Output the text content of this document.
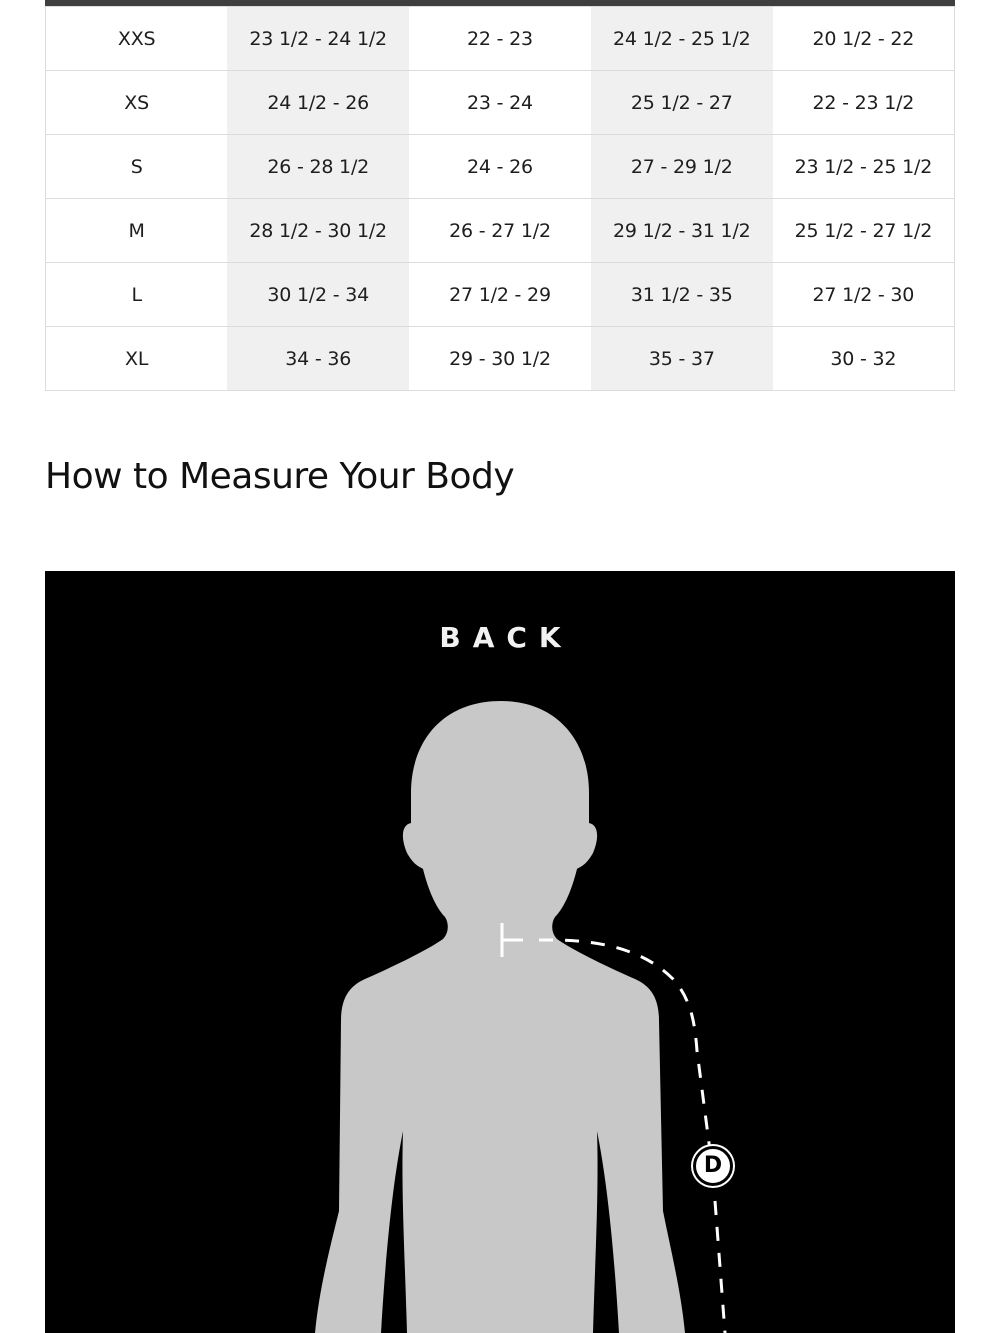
XXS	23 1/2 - 24 1/2	22 - 23	24 1/2 - 25 1/2	20 1/2 - 22
XS	24 1/2 - 26	23 - 24	25 1/2 - 27	22 - 23 1/2
S	26 - 28 1/2	24 - 26	27 - 29 1/2	23 1/2 - 25 1/2
M	28 1/2 - 30 1/2	26 - 27 1/2	29 1/2 - 31 1/2	25 1/2 - 27 1/2
L	30 1/2 - 34	27 1/2 - 29	31 1/2 - 35	27 1/2 - 30
XL	34 - 36	29 - 30 1/2	35 - 37	30 - 32
How to Measure Your Body
BACK
D
